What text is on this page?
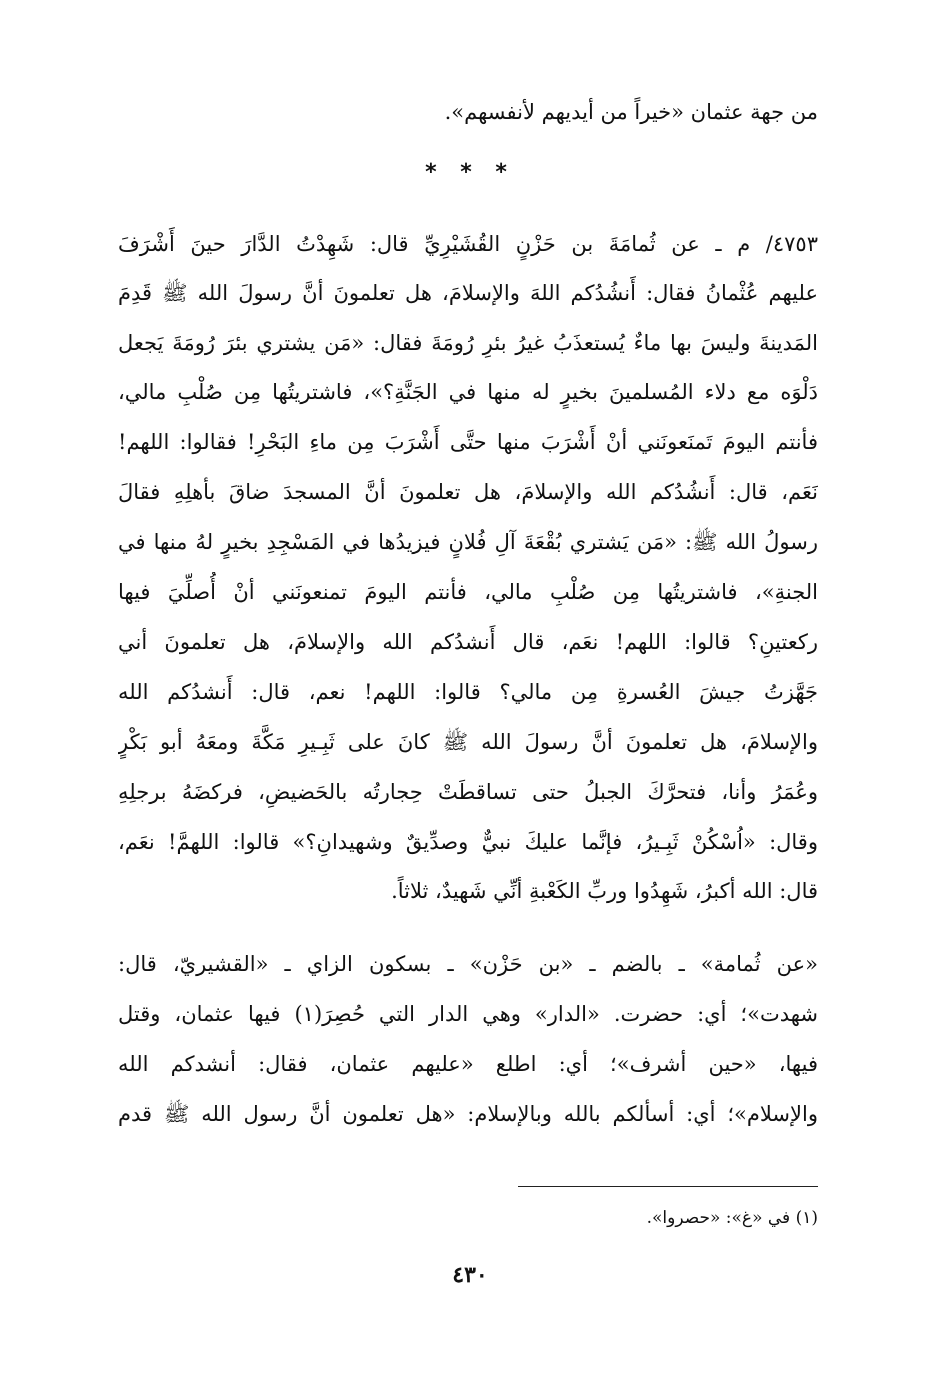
من جهة عثمان «خيراً من أيديهم لأنفسهم».
* * *
٤٧٥٣/ م ـ عن ثُمامَةَ بن حَزْنٍ القُشَيْرِيِّ قال: شَهِدْتُ الدَّارَ حينَ أَشْرَفَ
عليهم عُثْمانُ فقال: أَنشُدُكم اللهَ والإسلامَ، هل تعلمونَ أنَّ رسولَ الله ﷺ قَدِمَ
المَدينةَ وليسَ بها ماءٌ يُستعذَبُ غيرُ بئرِ رُومَةَ فقال: «مَن يشتري بئرَ رُومَةَ يَجعل
دَلْوَه مع دلاء المُسلمينَ بخيرٍ له منها في الجَنَّةِ؟»، فاشتريتُها مِن صُلْبِ مالي،
فأنتم اليومَ تَمنَعونَني أنْ أَشْرَبَ منها حتَّى أَشْرَبَ مِن ماءِ البَحْرِ! فقالوا: اللهم!
نَعَم، قال: أَنشُدُكم الله والإسلامَ، هل تعلمونَ أنَّ المسجدَ ضاقَ بأهلِهِ فقالَ
رسولُ الله ﷺ: «مَن يَشتري بُقْعَةَ آلِ فُلانٍ فيزيدُها في المَسْجِدِ بخيرٍ لهُ منها في
الجنةِ»، فاشتريتُها مِن صُلْبِ مالي، فأنتم اليومَ تمنعونَني أنْ أُصلِّيَ فيها
ركعتينِ؟ قالوا: اللهم! نعَم، قال أَنشدُكم الله والإسلامَ، هل تعلمونَ أني
جَهَّزتُ جيشَ العُسرةِ مِن مالي؟ قالوا: اللهم! نعم، قال: أَنشدُكم الله
والإسلامَ، هل تعلمونَ أنَّ رسولَ الله ﷺ كانَ على ثَبِـيرِ مَكَّةَ ومعَهُ أبو بَكْرٍ
وعُمَرُ وأنا، فتحرَّكَ الجبلُ حتى تساقطَتْ حِجارتُه بالحَضيضِ، فركضَهُ برجلِهِ
وقال: «اُسْكُنْ ثَبِـيرُ، فإنَّما عليكَ نبيٌّ وصدِّيقٌ وشهيدانِ؟» قالوا: اللهمَّ! نعَم،
قال: الله أكبرُ، شَهِدُوا وربِّ الكَعْبةِ أنِّي شَهيدٌ، ثلاثاً.
«عن ثُمامة» ـ بالضم ـ «بن حَزْن» ـ بسكون الزاي ـ «القشيريّ، قال:
شهدت»؛ أي: حضرت. «الدار» وهي الدار التي حُصِرَ(١) فيها عثمان، وقتل
فيها، «حين أشرف»؛ أي: اطلع «عليهم عثمان، فقال: أنشدكم الله
والإسلام»؛ أي: أسألكم بالله وبالإسلام: «هل تعلمون أنَّ رسول الله ﷺ قدم
(١) في «غ»: «حصروا».
٤٣٠
